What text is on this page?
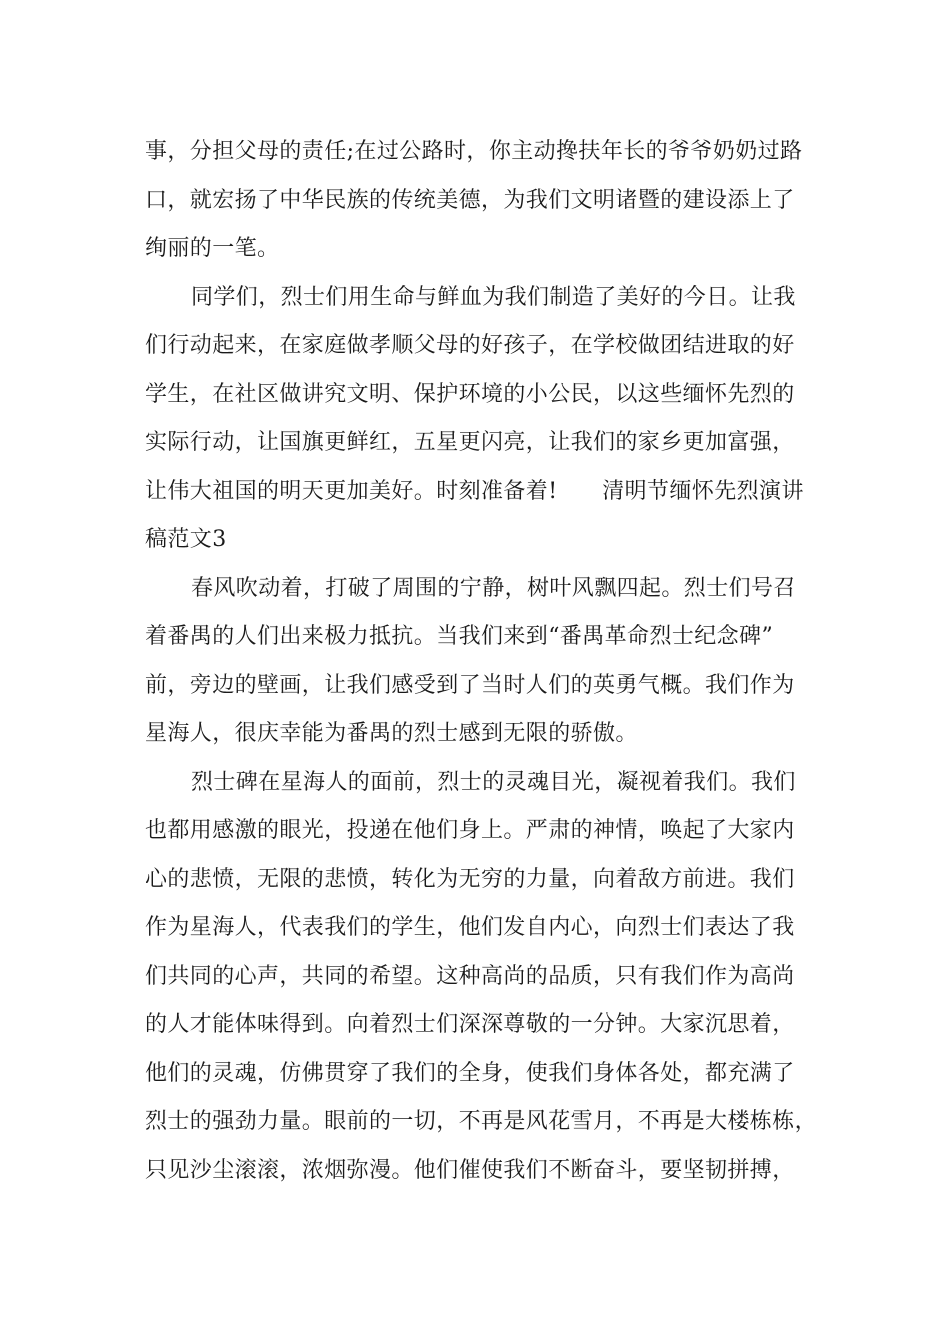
事，分担父母的责任;在过公路时，你主动搀扶年长的爷爷奶奶过路
口，就宏扬了中华民族的传统美德，为我们文明诸暨的建设添上了
绚丽的一笔。
同学们，烈士们用生命与鲜血为我们制造了美好的今日。让我
们行动起来，在家庭做孝顺父母的好孩子，在学校做团结进取的好
学生，在社区做讲究文明、保护环境的小公民，以这些缅怀先烈的
实际行动，让国旗更鲜红，五星更闪亮，让我们的家乡更加富强，
让伟大祖国的明天更加美好。时刻准备着!　　清明节缅怀先烈演讲
稿范文3
春风吹动着，打破了周围的宁静，树叶风飘四起。烈士们号召
着番禺的人们出来极力抵抗。当我们来到“番禺革命烈士纪念碑”
前，旁边的壁画，让我们感受到了当时人们的英勇气概。我们作为
星海人，很庆幸能为番禺的烈士感到无限的骄傲。
烈士碑在星海人的面前，烈士的灵魂目光，凝视着我们。我们
也都用感激的眼光，投递在他们身上。严肃的神情，唤起了大家内
心的悲愤，无限的悲愤，转化为无穷的力量，向着敌方前进。我们
作为星海人，代表我们的学生，他们发自内心，向烈士们表达了我
们共同的心声，共同的希望。这种高尚的品质，只有我们作为高尚
的人才能体味得到。向着烈士们深深尊敬的一分钟。大家沉思着，
他们的灵魂，仿佛贯穿了我们的全身，使我们身体各处，都充满了
烈士的强劲力量。眼前的一切，不再是风花雪月，不再是大楼栋栋，
只见沙尘滚滚，浓烟弥漫。他们催使我们不断奋斗，要坚韧拼搏，
